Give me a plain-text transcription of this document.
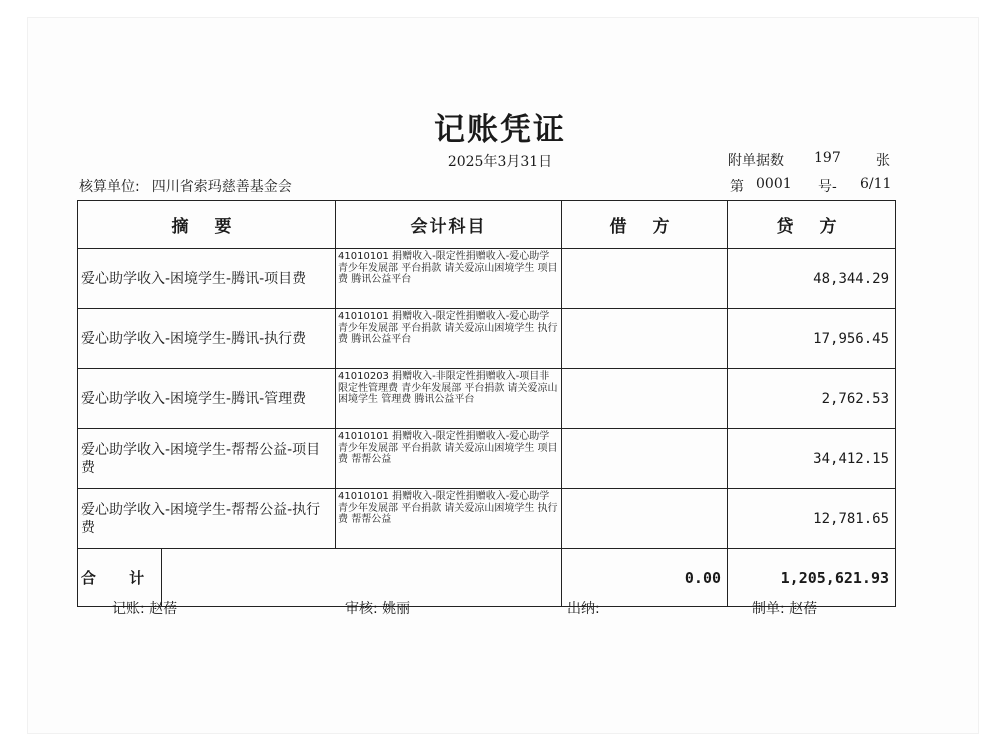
记账凭证
2025年3月31日	附单据数 197	张
核算单位: 四川省索玛慈善基金会	第 0001 号- 6/11
摘 要		会计科目	借 方	贷 方
爱心助学收入-困境学生-腾讯-项目费		41010101 捐赠收入-限定性捐赠收入-爱心助学 青少年发展部 平台捐款 请关爱凉山困境学生 项目费 腾讯公益平台		48,344.29
爱心助学收入-困境学生-腾讯-执行费		41010101 捐赠收入-限定性捐赠收入-爱心助学 青少年发展部 平台捐款 请关爱凉山困境学生 执行费 腾讯公益平台		17,956.45
爱心助学收入-困境学生-腾讯-管理费		41010203 捐赠收入-非限定性捐赠收入-项目非限定性管理费 青少年发展部 平台捐款 请关爱凉山困境学生 管理费 腾讯公益平台		2,762.53
爱心助学收入-困境学生-帮帮公益-项目费		41010101 捐赠收入-限定性捐赠收入-爱心助学 青少年发展部 平台捐款 请关爱凉山困境学生 项目费 帮帮公益		34,412.15
爱心助学收入-困境学生-帮帮公益-执行费		41010101 捐赠收入-限定性捐赠收入-爱心助学 青少年发展部 平台捐款 请关爱凉山困境学生 执行费 帮帮公益		12,781.65
合 计			0.00	1,205,621.93
记账: 赵蓓	审核: 姚丽	出纳:	制单: 赵蓓
